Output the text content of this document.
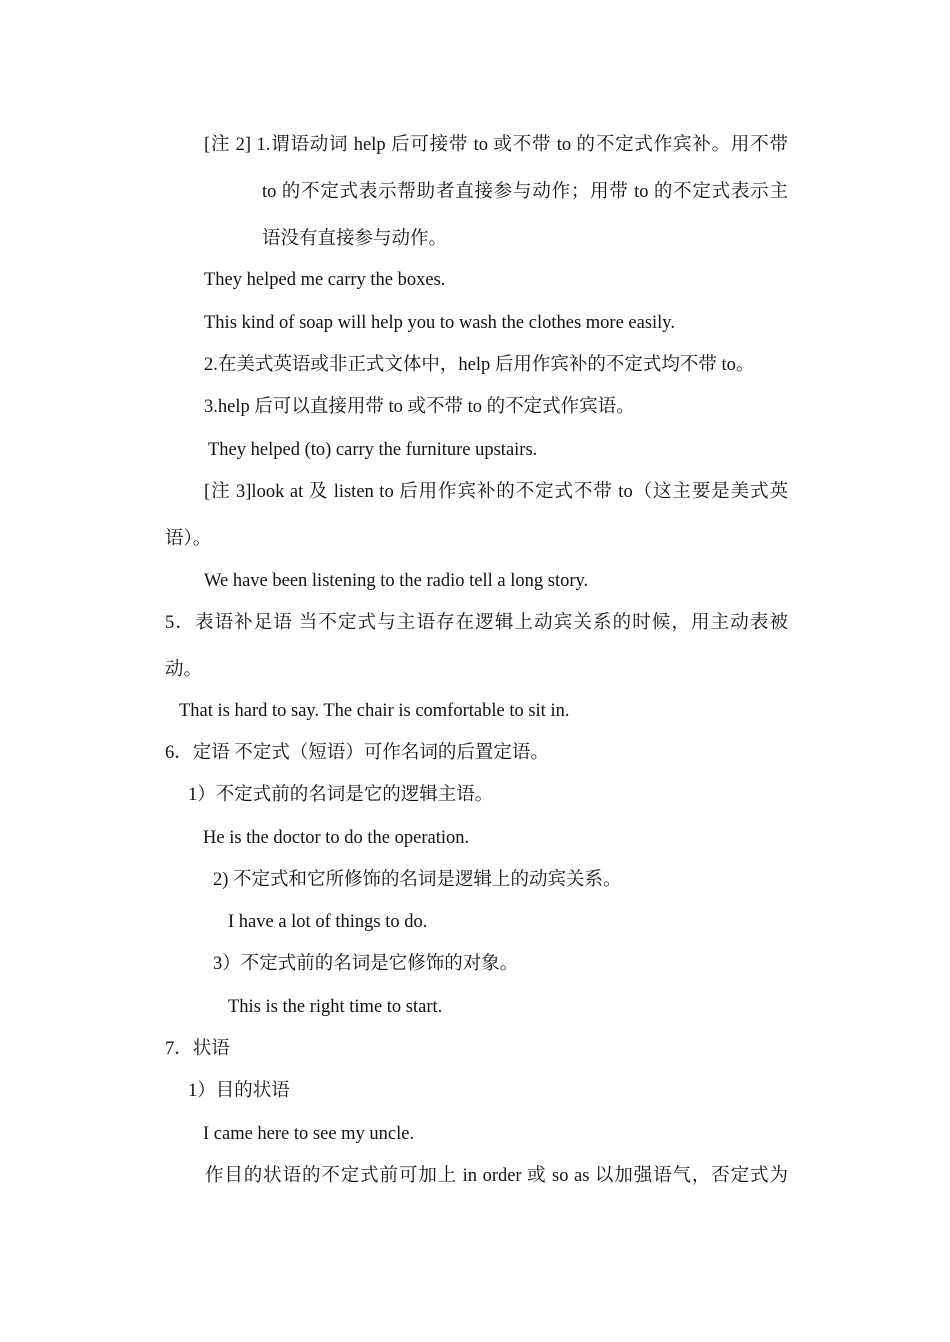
[注 2] 1.谓语动词 help 后可接带 to 或不带 to 的不定式作宾补。用不带
to 的不定式表示帮助者直接参与动作；用带 to 的不定式表示主
语没有直接参与动作。
They helped me carry the boxes.
This kind of soap will help you to wash the clothes more easily.
2.在美式英语或非正式文体中，help 后用作宾补的不定式均不带 to。
3.help 后可以直接用带 to 或不带 to 的不定式作宾语。
They helped (to) carry the furniture upstairs.
[注 3]look at 及 listen to 后用作宾补的不定式不带 to（这主要是美式英
语）。
We have been listening to the radio tell a long story.
5．表语补足语 当不定式与主语存在逻辑上动宾关系的时候，用主动表被
动。
That is hard to say. The chair is comfortable to sit in.
6．定语 不定式（短语）可作名词的后置定语。
1）不定式前的名词是它的逻辑主语。
He is the doctor to do the operation.
2) 不定式和它所修饰的名词是逻辑上的动宾关系。
I have a lot of things to do.
3）不定式前的名词是它修饰的对象。
This is the right time to start.
7．状语
1）目的状语
I came here to see my uncle.
作目的状语的不定式前可加上 in order 或 so as 以加强语气，否定式为
